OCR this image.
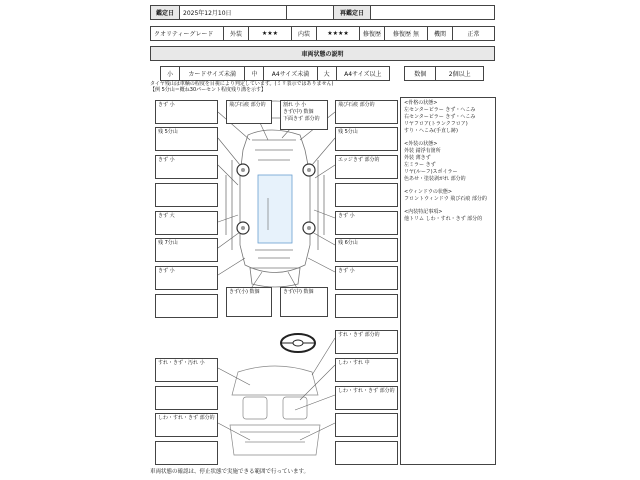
鑑定日	2025年12月10日		再鑑定日	
クオリティーグレード	外装	★★★	内装	★★★★	修復歴	修復歴 無	機関	正常
車両状態の説明
小	カードサイズ未満	中	A4サイズ未満	大	A4サイズ以上	数個	2個以上
タイヤ残山は車輌の程度を目視により判定しています。(ミリ表示ではありません)
【例 5分山＝概ね30パーセント程度残り溝を示す】
きず 小
残 5分山
きず 小
きず 大
残 7分山
きず 小
飛び石痕 部分的	割れ 小 小
きず(中) 数個
下面きず 部分的
飛び石痕 部分的
残 5分山
エッジきず 部分的
きず 小
残 6分山
きず 小
きず(小) 数個	きず(中) 数個
すれ・きず 部分的
すれ・きず・汚れ 小	しわ・すれ 中
しわ・すれ・きず 部分的
しわ・すれ・きず 部分的
<骨格の状態>
左センターピラー きず・へこみ
右センターピラー きず・へこみ
リヤフロア(トランクフロア)
すり・へこみ(手直し跡)
<外装の状態>
外装 錆浮有箇所
外装 薄きず
左ミラー きず
リヤ(ルーフ)スポイラー
色あせ・塗装剥がれ 部分的
<ウィンドウの状態>
フロントウィンドウ 飛び石痕 部分的
<内装特記事項>
他トリム しわ・すれ・きず 部分的
車両状態の確認は、停止状態で実施できる範囲で行っています。
